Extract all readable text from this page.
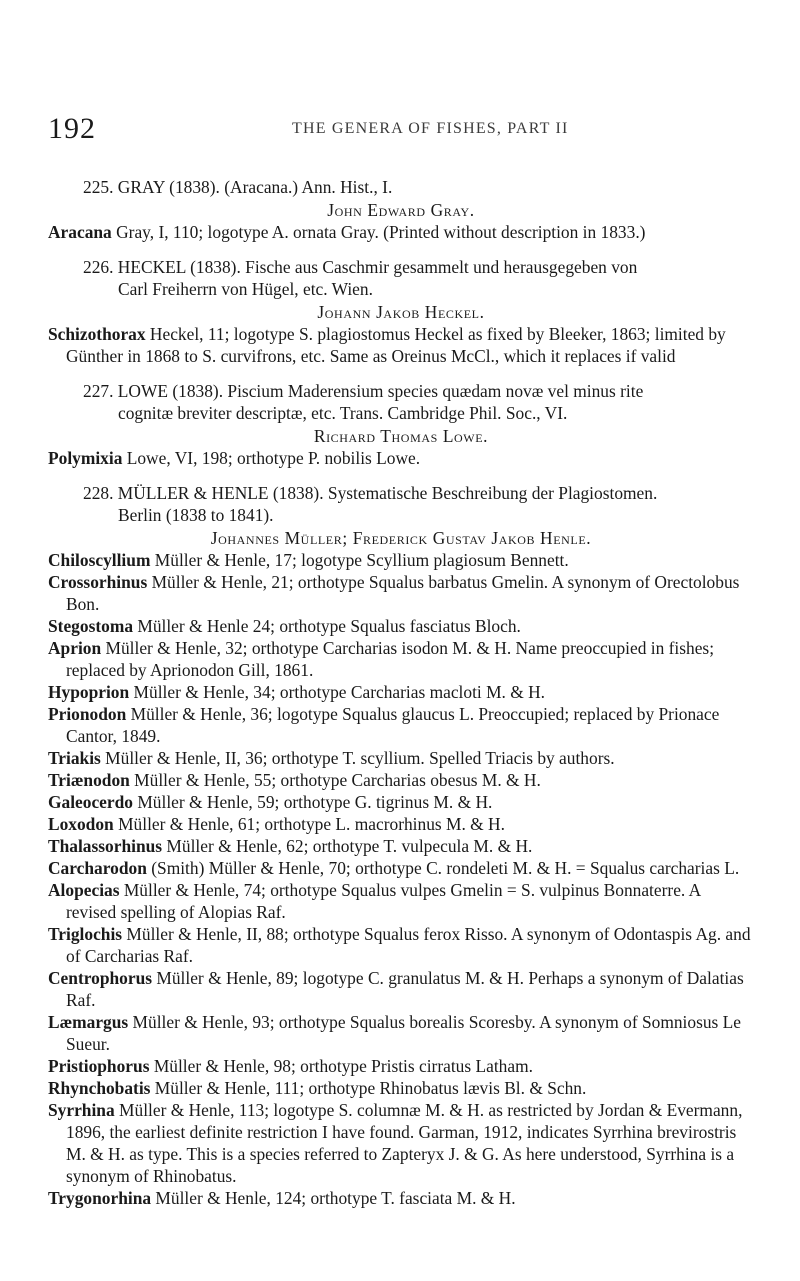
192	THE GENERA OF FISHES, PART II

225. GRAY (1838). (Aracana.) Ann. Hist., I.

John Edward Gray.

Aracana Gray, I, 110; logotype A. ornata Gray. (Printed without description in 1833.)

226. HECKEL (1838). Fische aus Caschmir gesammelt und herausgegeben von

Carl Freiherrn von Hügel, etc. Wien.

Johann Jakob Heckel.

Schizothorax Heckel, 11; logotype S. plagiostomus Heckel as fixed by Bleeker, 1863; limited by Günther in 1868 to S. curvifrons, etc. Same as Oreinus McCl., which it replaces if valid

227. LOWE (1838). Piscium Maderensium species quædam novæ vel minus rite

cognitæ breviter descriptæ, etc. Trans. Cambridge Phil. Soc., VI.

Richard Thomas Lowe.

Polymixia Lowe, VI, 198; orthotype P. nobilis Lowe.

228. MÜLLER & HENLE (1838). Systematische Beschreibung der Plagiostomen.

Berlin (1838 to 1841).

Johannes Müller; Frederick Gustav Jakob Henle.

Chiloscyllium Müller & Henle, 17; logotype Scyllium plagiosum Bennett.

Crossorhinus Müller & Henle, 21; orthotype Squalus barbatus Gmelin. A synonym of Orectolobus Bon.

Stegostoma Müller & Henle 24; orthotype Squalus fasciatus Bloch.

Aprion Müller & Henle, 32; orthotype Carcharias isodon M. & H. Name preoccupied in fishes; replaced by Aprionodon Gill, 1861.

Hypoprion Müller & Henle, 34; orthotype Carcharias macloti M. & H.

Prionodon Müller & Henle, 36; logotype Squalus glaucus L. Preoccupied; replaced by Prionace Cantor, 1849.

Triakis Müller & Henle, II, 36; orthotype T. scyllium. Spelled Triacis by authors.

Triænodon Müller & Henle, 55; orthotype Carcharias obesus M. & H.

Galeocerdo Müller & Henle, 59; orthotype G. tigrinus M. & H.

Loxodon Müller & Henle, 61; orthotype L. macrorhinus M. & H.

Thalassorhinus Müller & Henle, 62; orthotype T. vulpecula M. & H.

Carcharodon (Smith) Müller & Henle, 70; orthotype C. rondeleti M. & H. = Squalus carcharias L.

Alopecias Müller & Henle, 74; orthotype Squalus vulpes Gmelin = S. vulpinus Bonnaterre. A revised spelling of Alopias Raf.

Triglochis Müller & Henle, II, 88; orthotype Squalus ferox Risso. A synonym of Odontaspis Ag. and of Carcharias Raf.

Centrophorus Müller & Henle, 89; logotype C. granulatus M. & H. Perhaps a synonym of Dalatias Raf.

Læmargus Müller & Henle, 93; orthotype Squalus borealis Scoresby. A synonym of Somniosus Le Sueur.

Pristiophorus Müller & Henle, 98; orthotype Pristis cirratus Latham.

Rhynchobatis Müller & Henle, 111; orthotype Rhinobatus lævis Bl. & Schn.

Syrrhina Müller & Henle, 113; logotype S. columnæ M. & H. as restricted by Jordan & Evermann, 1896, the earliest definite restriction I have found. Garman, 1912, indicates Syrrhina brevirostris M. & H. as type. This is a species referred to Zapteryx J. & G. As here understood, Syrrhina is a synonym of Rhinobatus.

Trygonorhina Müller & Henle, 124; orthotype T. fasciata M. & H.
